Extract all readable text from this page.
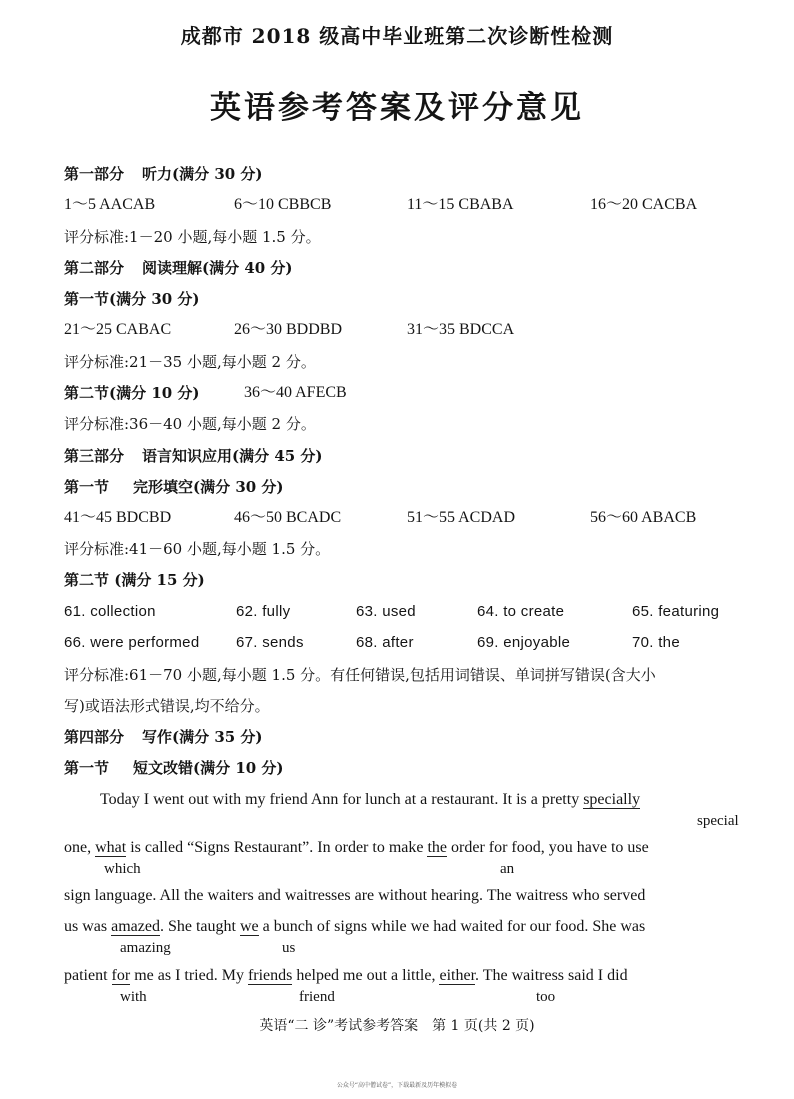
成都市 2018 级高中毕业班第二次诊断性检测
英语参考答案及评分意见
第一部分 听力(满分 30 分)
1～5 AACAB	6～10 CBBCB	11～15 CBABA	16～20 CACBA
评分标准:1－20 小题,每小题 1.5 分。
第二部分 阅读理解(满分 40 分)
第一节(满分 30 分)
21～25 CABAC	26～30 BDDBD	31～35 BDCCA
评分标准:21－35 小题,每小题 2 分。
第二节(满分 10 分)	36～40 AFECB
评分标准:36－40 小题,每小题 2 分。
第三部分 语言知识应用(满分 45 分)
第一节 完形填空(满分 30 分)
41～45 BDCBD	46～50 BCADC	51～55 ACDAD	56～60 ABACB
评分标准:41－60 小题,每小题 1.5 分。
第二节 (满分 15 分)
61. collection	62. fully	63. used	64. to create	65. featuring
66. were performed 67. sends	68. after	69. enjoyable	70. the
评分标准:61－70 小题,每小题 1.5 分。有任何错误,包括用词错误、单词拼写错误(含大小
写)或语法形式错误,均不给分。
第四部分 写作(满分 35 分)
第一节 短文改错(满分 10 分)
Today I went out with my friend Ann for lunch at a restaurant. It is a pretty specially
special
one, what is called “Signs Restaurant”. In order to make the order for food, you have to use
which	an
sign language. All the waiters and waitresses are without hearing. The waitress who served
us was amazed. She taught we a bunch of signs while we had waited for our food. She was
amazing	us
patient for me as I tried. My friends helped me out a little, either. The waitress said I did
with	friend	too
英语“二 诊”考试参考答案　第 1 页(共 2 页)
公众号“高中僧试卷”，下载最新及历年模拟卷
